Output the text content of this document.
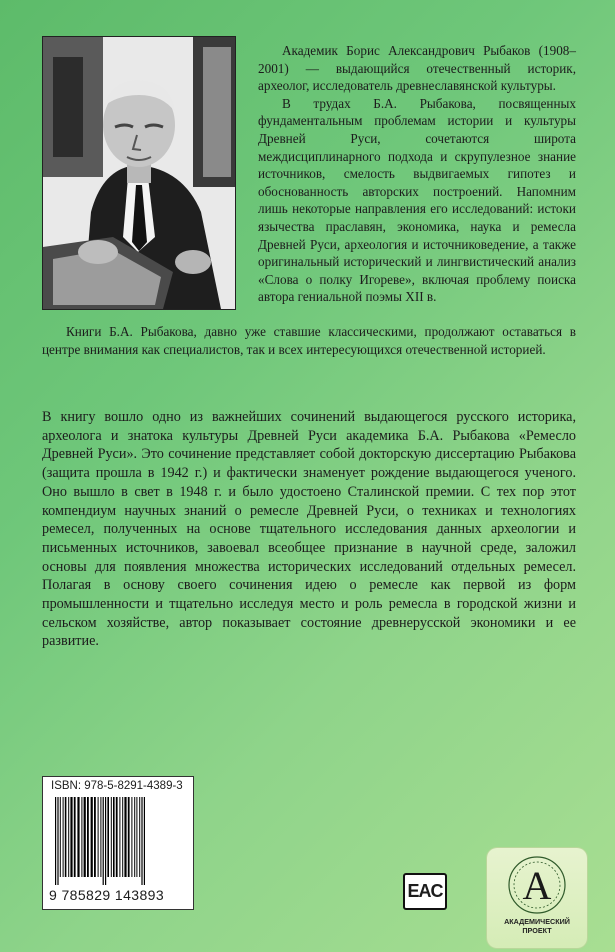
Академик Борис Александрович Рыбаков (1908–2001) — выдающийся отечественный историк, археолог, исследователь древнеславянской культуры.

В трудах Б.А. Рыбакова, посвященных фундаментальным проблемам истории и культуры Древней Руси, сочетаются широта междисциплинарного подхода и скрупулезное знание источников, смелость выдвигаемых гипотез и обоснованность авторских построений. Напомним лишь некоторые направления его исследований: истоки язычества праславян, экономика, наука и ремесла Древней Руси, археология и источниковедение, а также оригинальный исторический и лингвистический анализ «Слова о полку Игореве», включая проблему поиска автора гениальной поэмы XII в.

Книги Б.А. Рыбакова, давно уже ставшие классическими, продолжают оставаться в центре внимания как специалистов, так и всех интересующихся отечественной историей.

В книгу вошло одно из важнейших сочинений выдающегося русского историка, археолога и знатока культуры Древней Руси академика Б.А. Рыбакова «Ремесло Древней Руси». Это сочинение представляет собой докторскую диссертацию Рыбакова (защита прошла в 1942 г.) и фактически знаменует рождение выдающегося ученого. Оно вышло в свет в 1948 г. и было удостоено Сталинской премии. С тех пор этот компендиум научных знаний о ремесле Древней Руси, о техниках и технологиях ремесел, полученных на основе тщательного исследования данных археологии и письменных источников, завоевал всеобщее признание в научной среде, заложил основы для появления множества исторических исследований отдельных ремесел. Полагая в основу своего сочинения идею о ремесле как первой из форм промышленности и тщательно исследуя место и роль ремесла в городской жизни и сельском хозяйстве, автор показывает состояние древнерусской экономики и ее развитие.

ISBN: 978-5-8291-4389-3
9 785829 143893	EAC А
АКАДЕМИЧЕСКИЙ
ПРОЕКТ
